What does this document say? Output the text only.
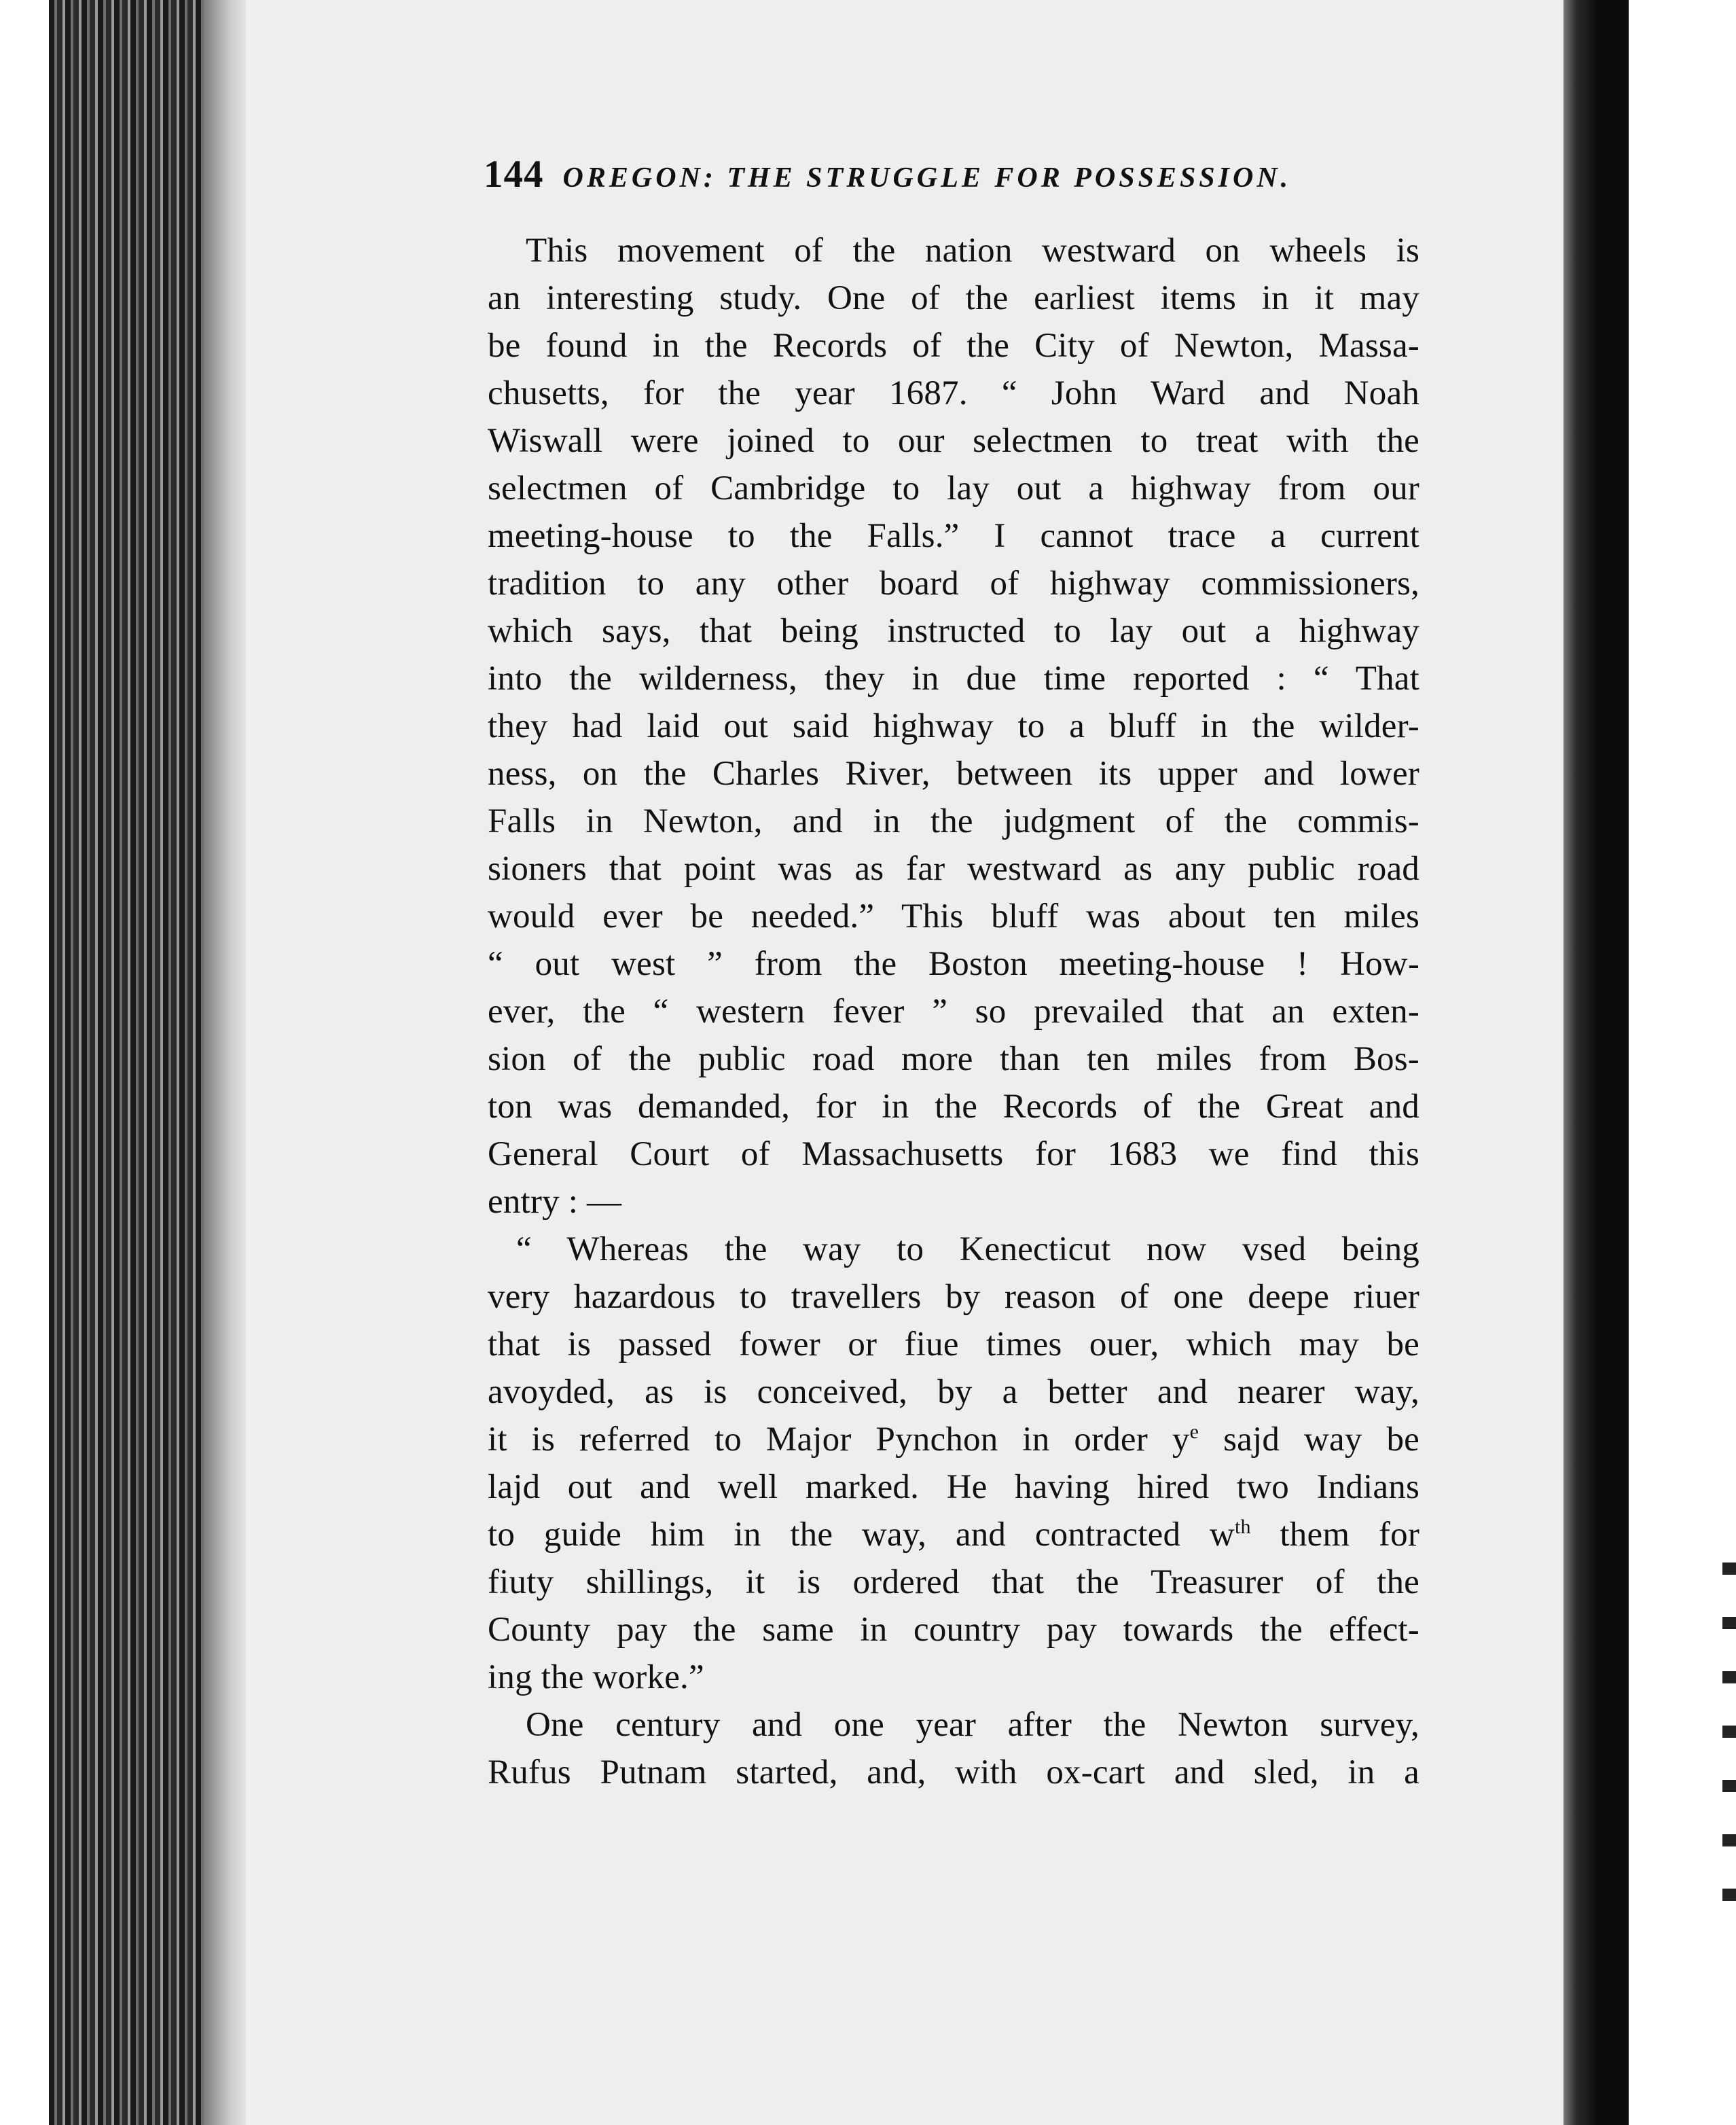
144 OREGON: THE STRUGGLE FOR POSSESSION.
This movement of the nation westward on wheels is
an interesting study. One of the earliest items in it may
be found in the Records of the City of Newton, Massa-
chusetts, for the year 1687. “ John Ward and Noah
Wiswall were joined to our selectmen to treat with the
selectmen of Cambridge to lay out a highway from our
meeting-house to the Falls.” I cannot trace a current
tradition to any other board of highway commissioners,
which says, that being instructed to lay out a highway
into the wilderness, they in due time reported : “ That
they had laid out said highway to a bluff in the wilder-
ness, on the Charles River, between its upper and lower
Falls in Newton, and in the judgment of the commis-
sioners that point was as far westward as any public road
would ever be needed.” This bluff was about ten miles
“ out west ” from the Boston meeting-house ! How-
ever, the “ western fever ” so prevailed that an exten-
sion of the public road more than ten miles from Bos-
ton was demanded, for in the Records of the Great and
General Court of Massachusetts for 1683 we find this
entry : —
“ Whereas the way to Kenecticut now vsed being
very hazardous to travellers by reason of one deepe riuer
that is passed fower or fiue times ouer, which may be
avoyded, as is conceived, by a better and nearer way,
it is referred to Major Pynchon in order $y^e$ sajd way be
lajd out and well marked. He having hired two Indians
to guide him in the way, and contracted $w^{th}$ them for
fiuty shillings, it is ordered that the Treasurer of the
County pay the same in country pay towards the effect-
ing the worke.”
One century and one year after the Newton survey,
Rufus Putnam started, and, with ox-cart and sled, in a
